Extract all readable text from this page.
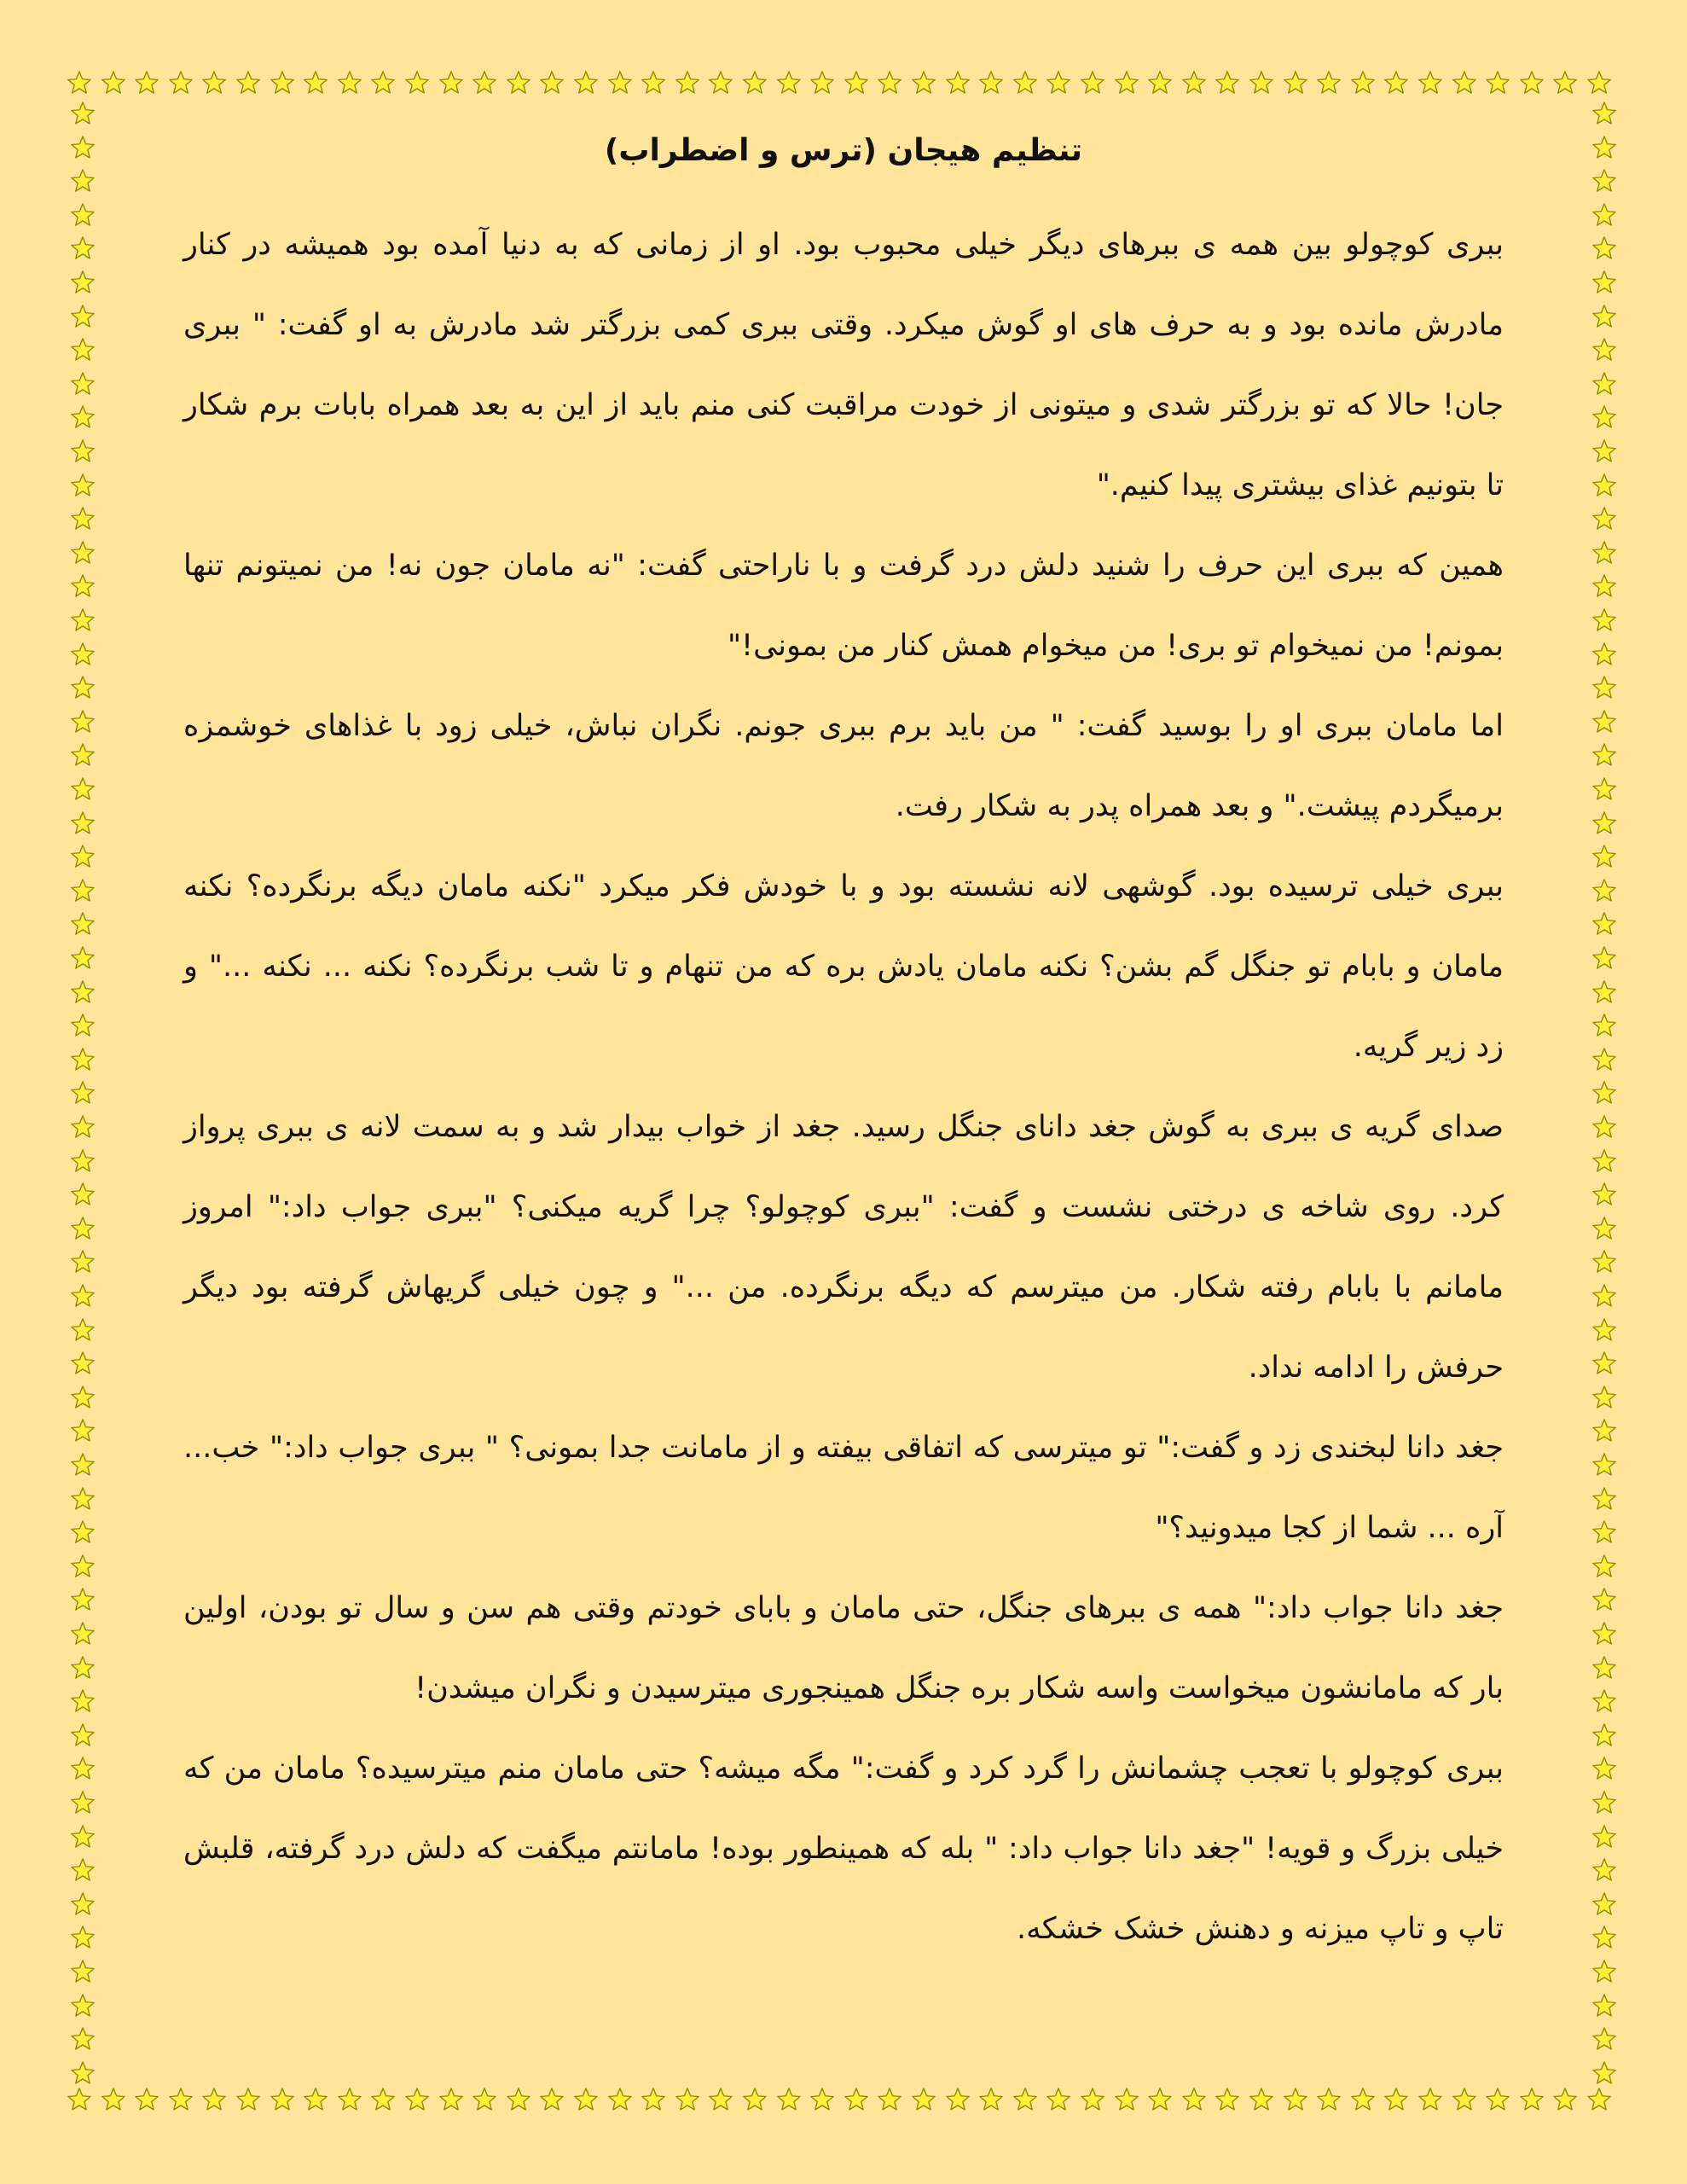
تنظیم هیجان (ترس و اضطراب)

ببری کوچولو بین همه ی ببرهای دیگر خیلی محبوب بود. او از زمانی که به دنیا آمده بود همیشه در کنار مادرش مانده بود و به حرف های او گوش میکرد. وقتی ببری کمی بزرگتر شد مادرش به او گفت: " ببری جان! حالا که تو بزرگتر شدی و میتونی از خودت مراقبت کنی منم باید از این به بعد همراه بابات برم شکار تا بتونیم غذای بیشتری پیدا کنیم."

همین که ببری این حرف را شنید دلش درد گرفت و با ناراحتی گفت: "نه مامان جون نه! من نمیتونم تنها بمونم! من نمیخوام تو بری! من میخوام همش کنار من بمونی!"

اما مامان ببری او را بوسید گفت: " من باید برم ببری جونم. نگران نباش، خیلی زود با غذاهای خوشمزه برمیگردم پیشت." و بعد همراه پدر به شکار رفت.

ببری خیلی ترسیده بود. گوشهی لانه نشسته بود و با خودش فکر میکرد "نکنه مامان دیگه برنگرده؟ نکنه مامان و بابام تو جنگل گم بشن؟ نکنه مامان یادش بره که من تنهام و تا شب برنگرده؟ نکنه ... نکنه ..." و زد زیر گریه.

صدای گریه ی ببری به گوش جغد دانای جنگل رسید. جغد از خواب بیدار شد و به سمت لانه ی ببری پرواز کرد. روی شاخه ی درختی نشست و گفت: "ببری کوچولو؟ چرا گریه میکنی؟ "ببری جواب داد:" امروز مامانم با بابام رفته شکار. من میترسم که دیگه برنگرده. من ..." و چون خیلی گریهاش گرفته بود دیگر حرفش را ادامه نداد.

جغد دانا لبخندی زد و گفت:" تو میترسی که اتفاقی بیفته و از مامانت جدا بمونی؟ " ببری جواب داد:" خب... آره ... شما از کجا میدونید؟"

جغد دانا جواب داد:" همه ی ببرهای جنگل، حتی مامان و بابای خودتم وقتی هم سن و سال تو بودن، اولین بار که مامانشون میخواست واسه شکار بره جنگل همینجوری میترسیدن و نگران میشدن!

ببری کوچولو با تعجب چشمانش را گرد کرد و گفت:" مگه میشه؟ حتی مامان منم میترسیده؟ مامان من که خیلی بزرگ و قویه! "جغد دانا جواب داد: " بله که همینطور بوده! مامانتم میگفت که دلش درد گرفته، قلبش تاپ و تاپ میزنه و دهنش خشک خشکه.
